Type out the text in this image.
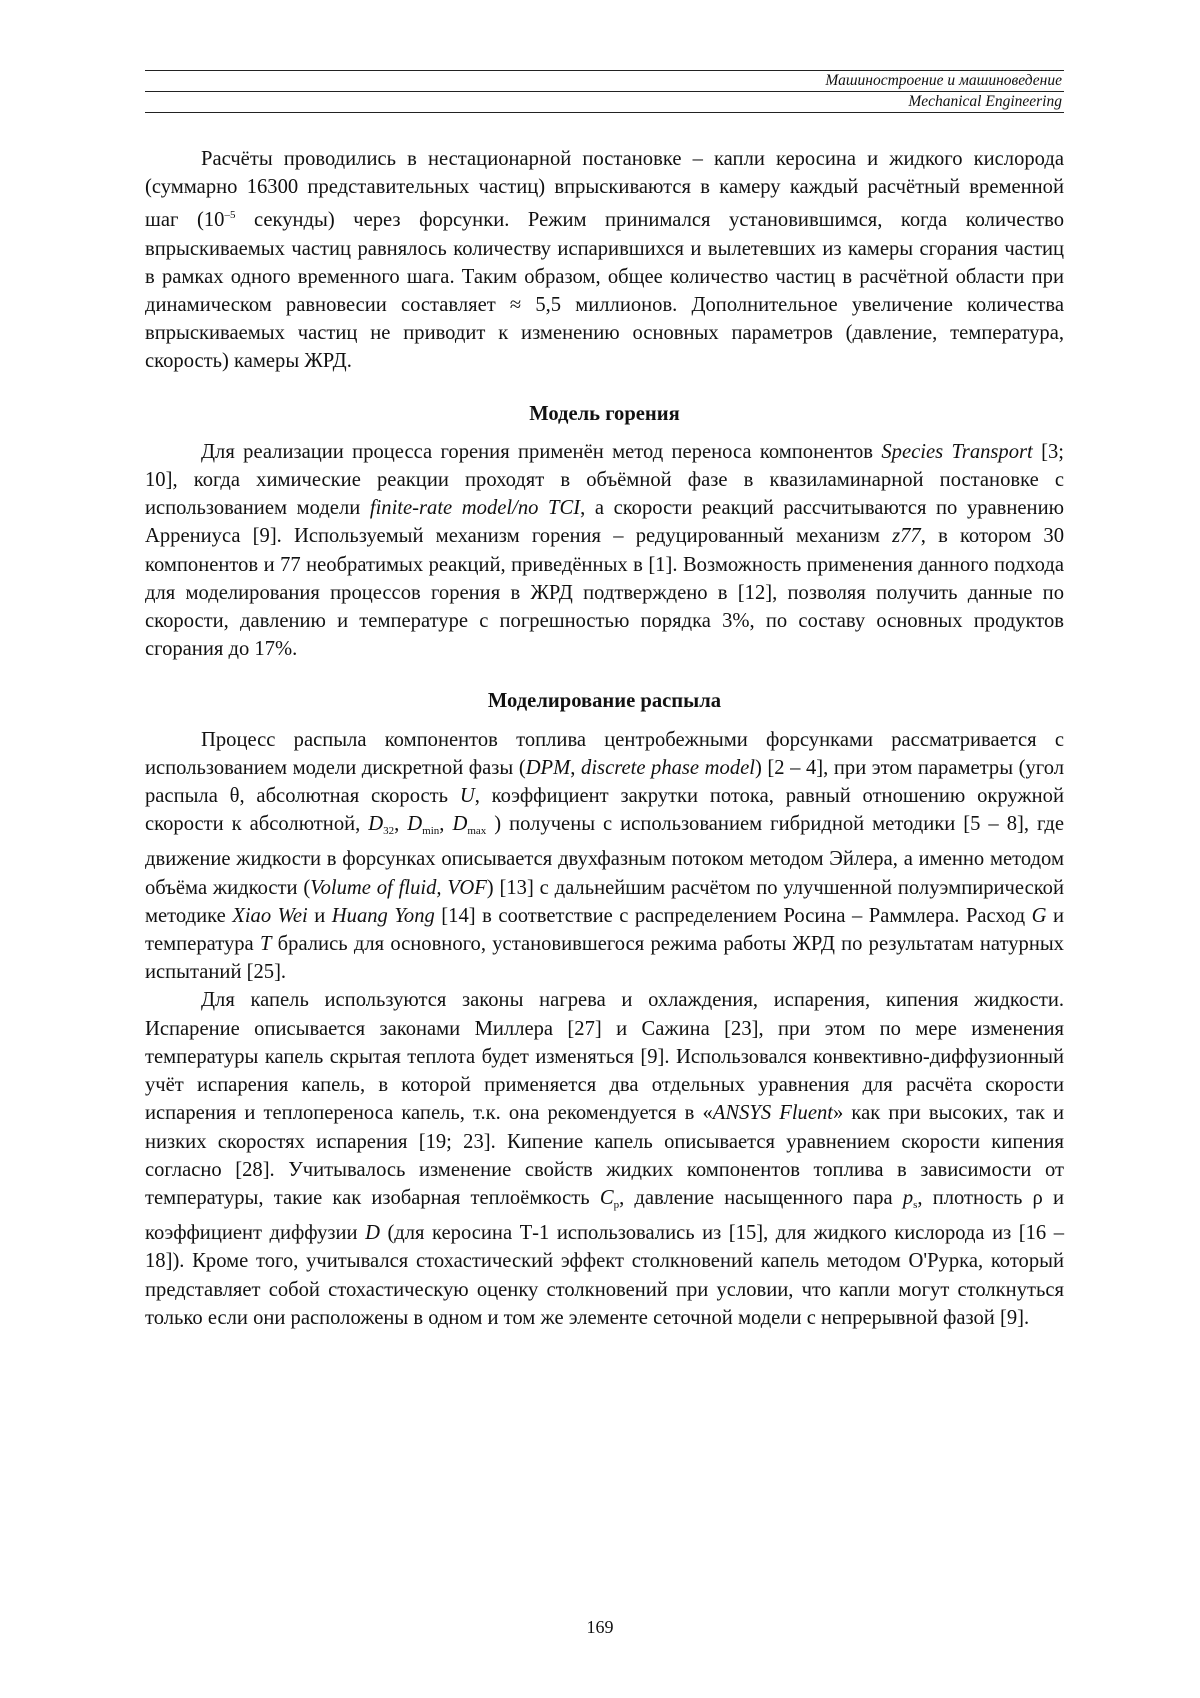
Машиностроение и машиноведение
Mechanical Engineering

Расчёты проводились в нестационарной постановке – капли керосина и жидкого кислорода (суммарно 16300 представительных частиц) впрыскиваются в камеру каждый расчётный временной шаг ($10^{-5}$ секунды) через форсунки. Режим принимался установившимся, когда количество впрыскиваемых частиц равнялось количеству испарившихся и вылетевших из камеры сгорания частиц в рамках одного временного шага. Таким образом, общее количество частиц в расчётной области при динамическом равновесии составляет ≈ 5,5 миллионов. Дополнительное увеличение количества впрыскиваемых частиц не приводит к изменению основных параметров (давление, температура, скорость) камеры ЖРД.

Модель горения

Для реализации процесса горения применён метод переноса компонентов Species Transport [3; 10], когда химические реакции проходят в объёмной фазе в квазиламинарной постановке с использованием модели finite-rate model/no TCI, а скорости реакций рассчитываются по уравнению Аррениуса [9]. Используемый механизм горения – редуцированный механизм z77, в котором 30 компонентов и 77 необратимых реакций, приведённых в [1]. Возможность применения данного подхода для моделирования процессов горения в ЖРД подтверждено в [12], позволяя получить данные по скорости, давлению и температуре с погрешностью порядка 3%, по составу основных продуктов сгорания до 17%.

Моделирование распыла

Процесс распыла компонентов топлива центробежными форсунками рассматривается с использованием модели дискретной фазы (DPM, discrete phase model) [2 – 4], при этом параметры (угол распыла θ, абсолютная скорость U, коэффициент закрутки потока, равный отношению окружной скорости к абсолютной, $D_{32}$, $D_{min}$, $D_{max}$ ) получены с использованием гибридной методики [5 – 8], где движение жидкости в форсунках описывается двухфазным потоком методом Эйлера, а именно методом объёма жидкости (Volume of fluid, VOF) [13] с дальнейшим расчётом по улучшенной полуэмпирической методике Xiao Wei и Huang Yong [14] в соответствие с распределением Росина – Раммлера. Расход G и температура T брались для основного, установившегося режима работы ЖРД по результатам натурных испытаний [25].

Для капель используются законы нагрева и охлаждения, испарения, кипения жидкости. Испарение описывается законами Миллера [27] и Сажина [23], при этом по мере изменения температуры капель скрытая теплота будет изменяться [9]. Использовался конвективно-диффузионный учёт испарения капель, в которой применяется два отдельных уравнения для расчёта скорости испарения и теплопереноса капель, т.к. она рекомендуется в «ANSYS Fluent» как при высоких, так и низких скоростях испарения [19; 23]. Кипение капель описывается уравнением скорости кипения согласно [28]. Учитывалось изменение свойств жидких компонентов топлива в зависимости от температуры, такие как изобарная теплоёмкость $C_p$, давление насыщенного пара $p_s$, плотность ρ и коэффициент диффузии D (для керосина Т-1 использовались из [15], для жидкого кислорода из [16 – 18]). Кроме того, учитывался стохастический эффект столкновений капель методом О'Рурка, который представляет собой стохастическую оценку столкновений при условии, что капли могут столкнуться только если они расположены в одном и том же элементе сеточной модели с непрерывной фазой [9].

169
